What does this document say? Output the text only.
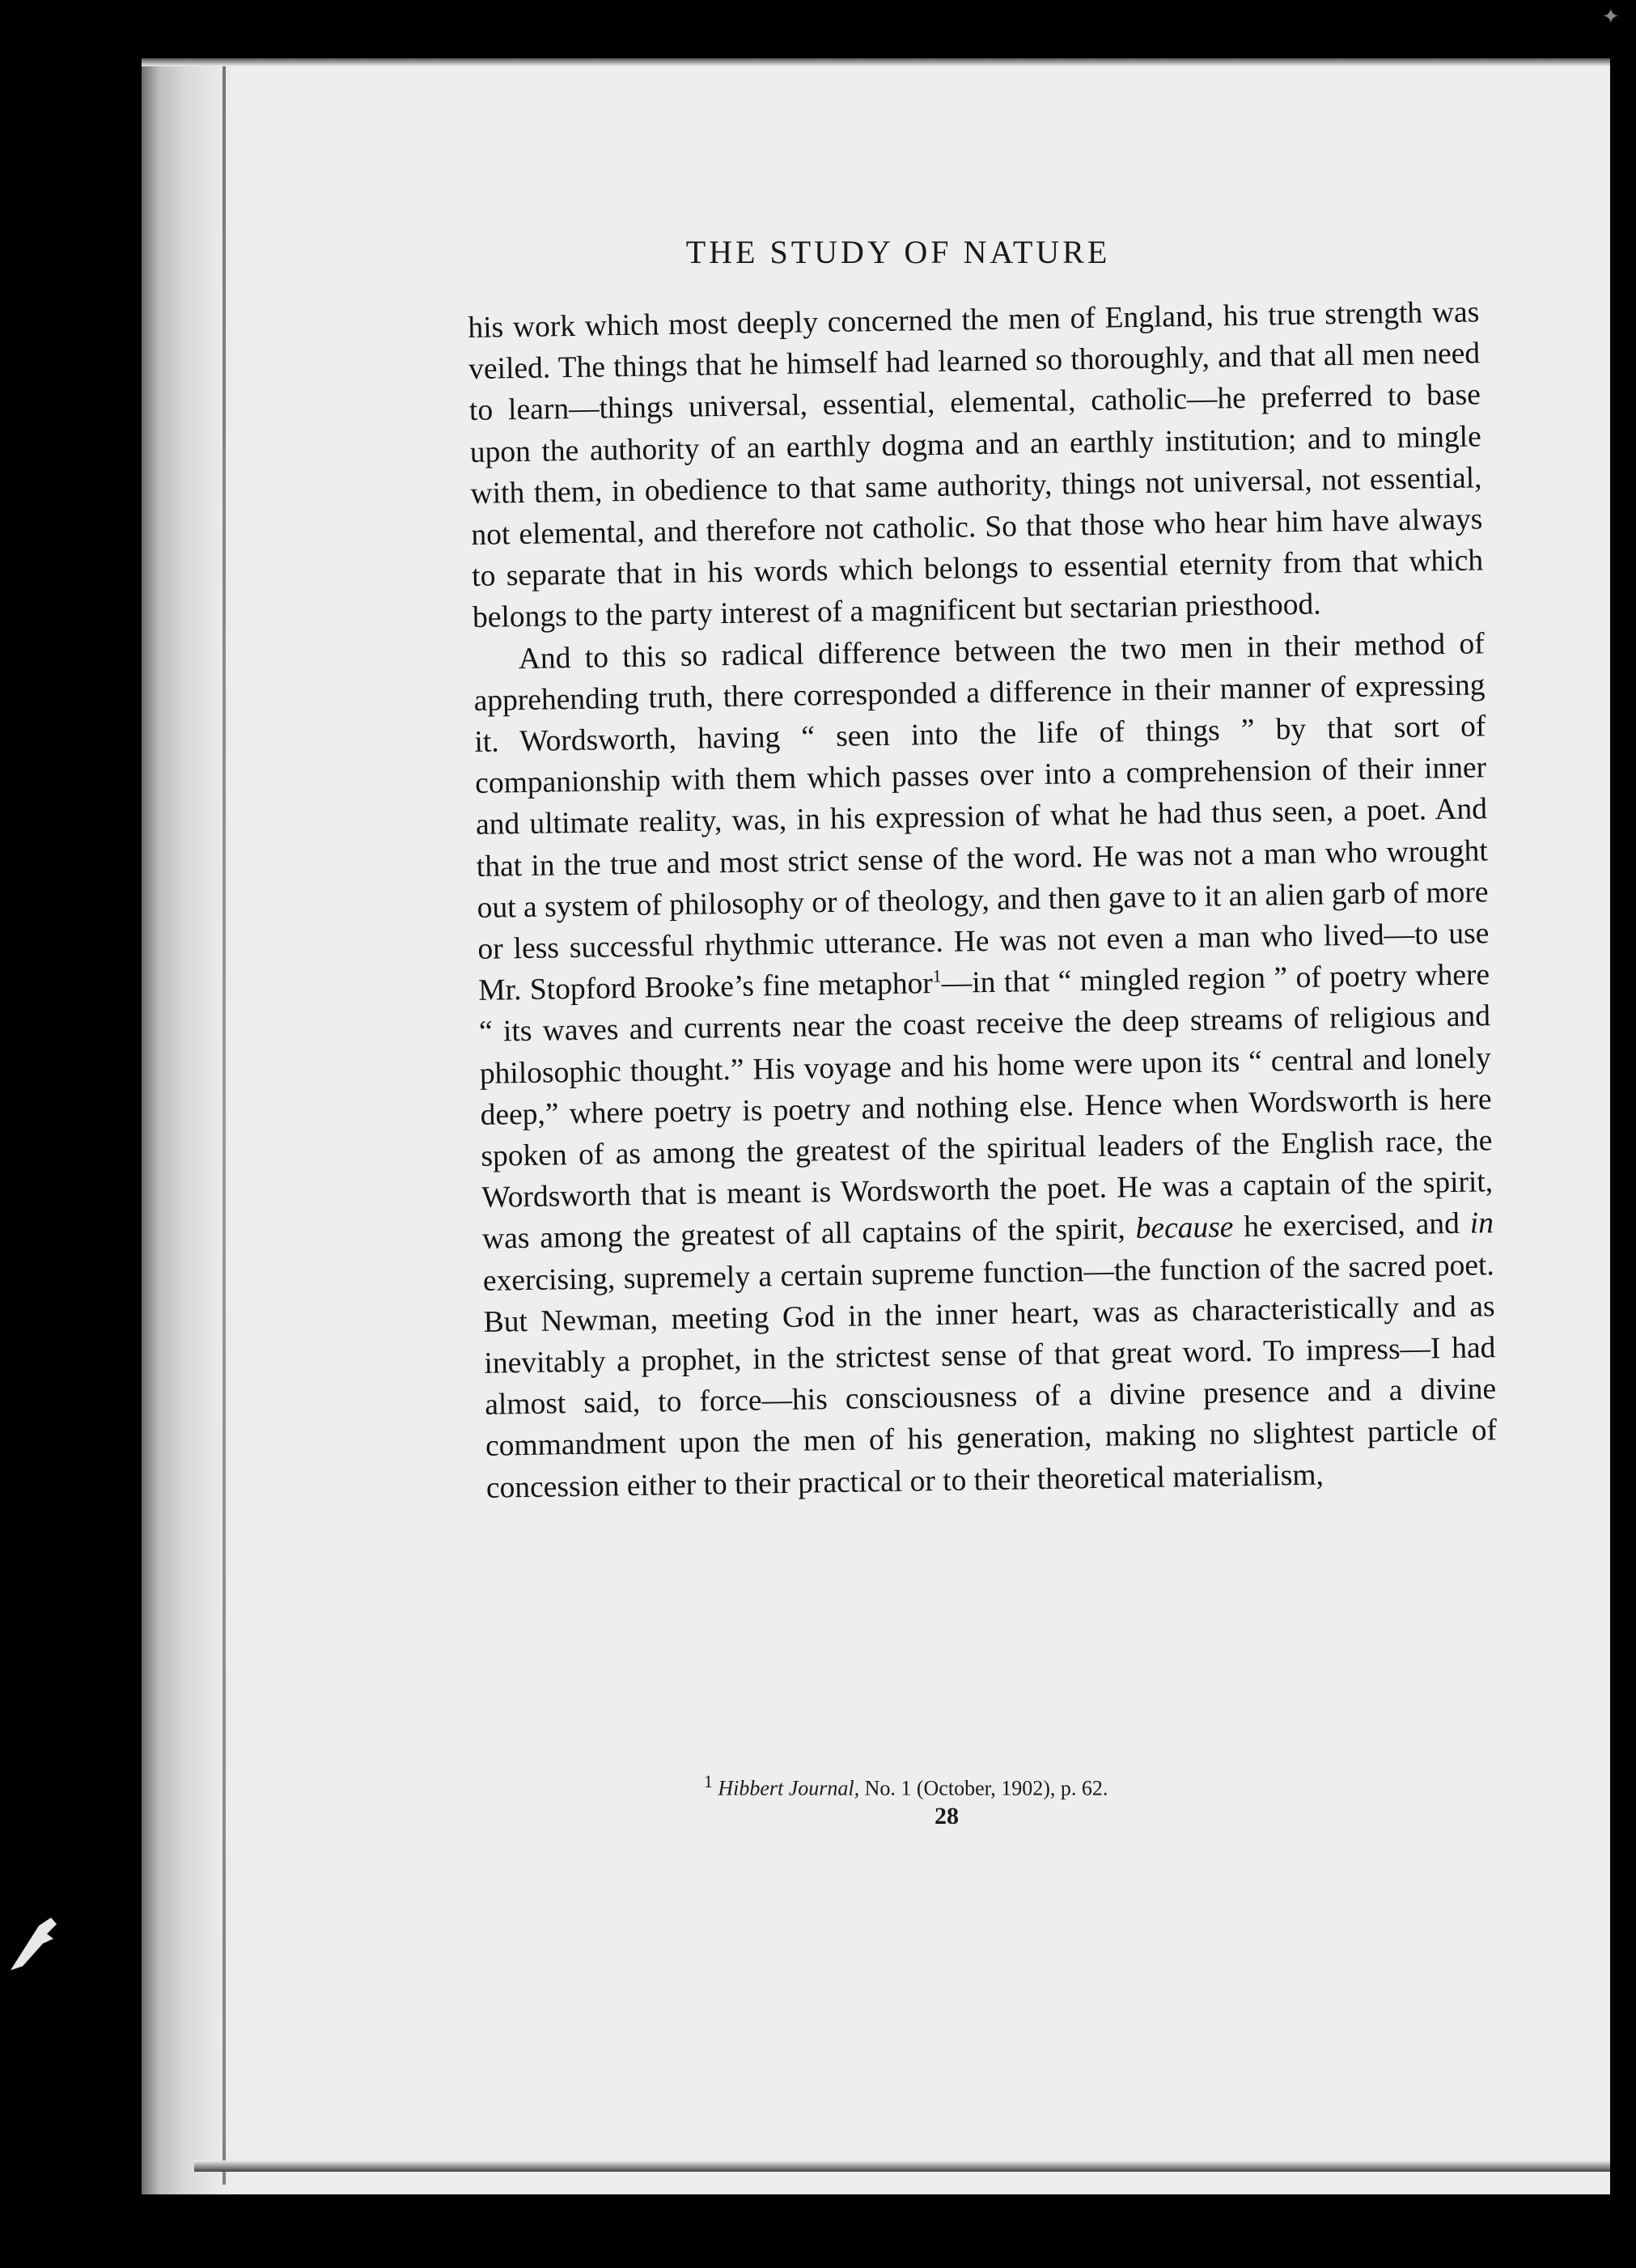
✦
THE STUDY OF NATURE

his work which most deeply concerned the men of England, his true strength was veiled. The things that he himself had learned so thoroughly, and that all men need to learn—things universal, essential, elemental, catholic—he preferred to base upon the authority of an earthly dogma and an earthly institution; and to mingle with them, in obedience to that same authority, things not universal, not essential, not elemental, and therefore not catholic. So that those who hear him have always to separate that in his words which belongs to essential eternity from that which belongs to the party interest of a magnificent but sectarian priesthood.

And to this so radical difference between the two men in their method of apprehending truth, there corresponded a difference in their manner of expressing it. Wordsworth, having “ seen into the life of things ” by that sort of companionship with them which passes over into a comprehension of their inner and ultimate reality, was, in his expression of what he had thus seen, a poet. And that in the true and most strict sense of the word. He was not a man who wrought out a system of philosophy or of theology, and then gave to it an alien garb of more or less successful rhythmic utterance. He was not even a man who lived—to use Mr. Stopford Brooke’s fine metaphor$^1$—in that “ mingled region ” of poetry where “ its waves and currents near the coast receive the deep streams of religious and philosophic thought.” His voyage and his home were upon its “ central and lonely deep,” where poetry is poetry and nothing else. Hence when Wordsworth is here spoken of as among the greatest of the spiritual leaders of the English race, the Wordsworth that is meant is Wordsworth the poet. He was a captain of the spirit, was among the greatest of all captains of the spirit, because he exercised, and in exercising, supremely a certain supreme function—the function of the sacred poet. But Newman, meeting God in the inner heart, was as characteristically and as inevitably a prophet, in the strictest sense of that great word. To impress—I had almost said, to force—his consciousness of a divine presence and a divine commandment upon the men of his generation, making no slightest particle of concession either to their practical or to their theoretical materialism,

$^1$ Hibbert Journal, No. 1 (October, 1902), p. 62.
28
